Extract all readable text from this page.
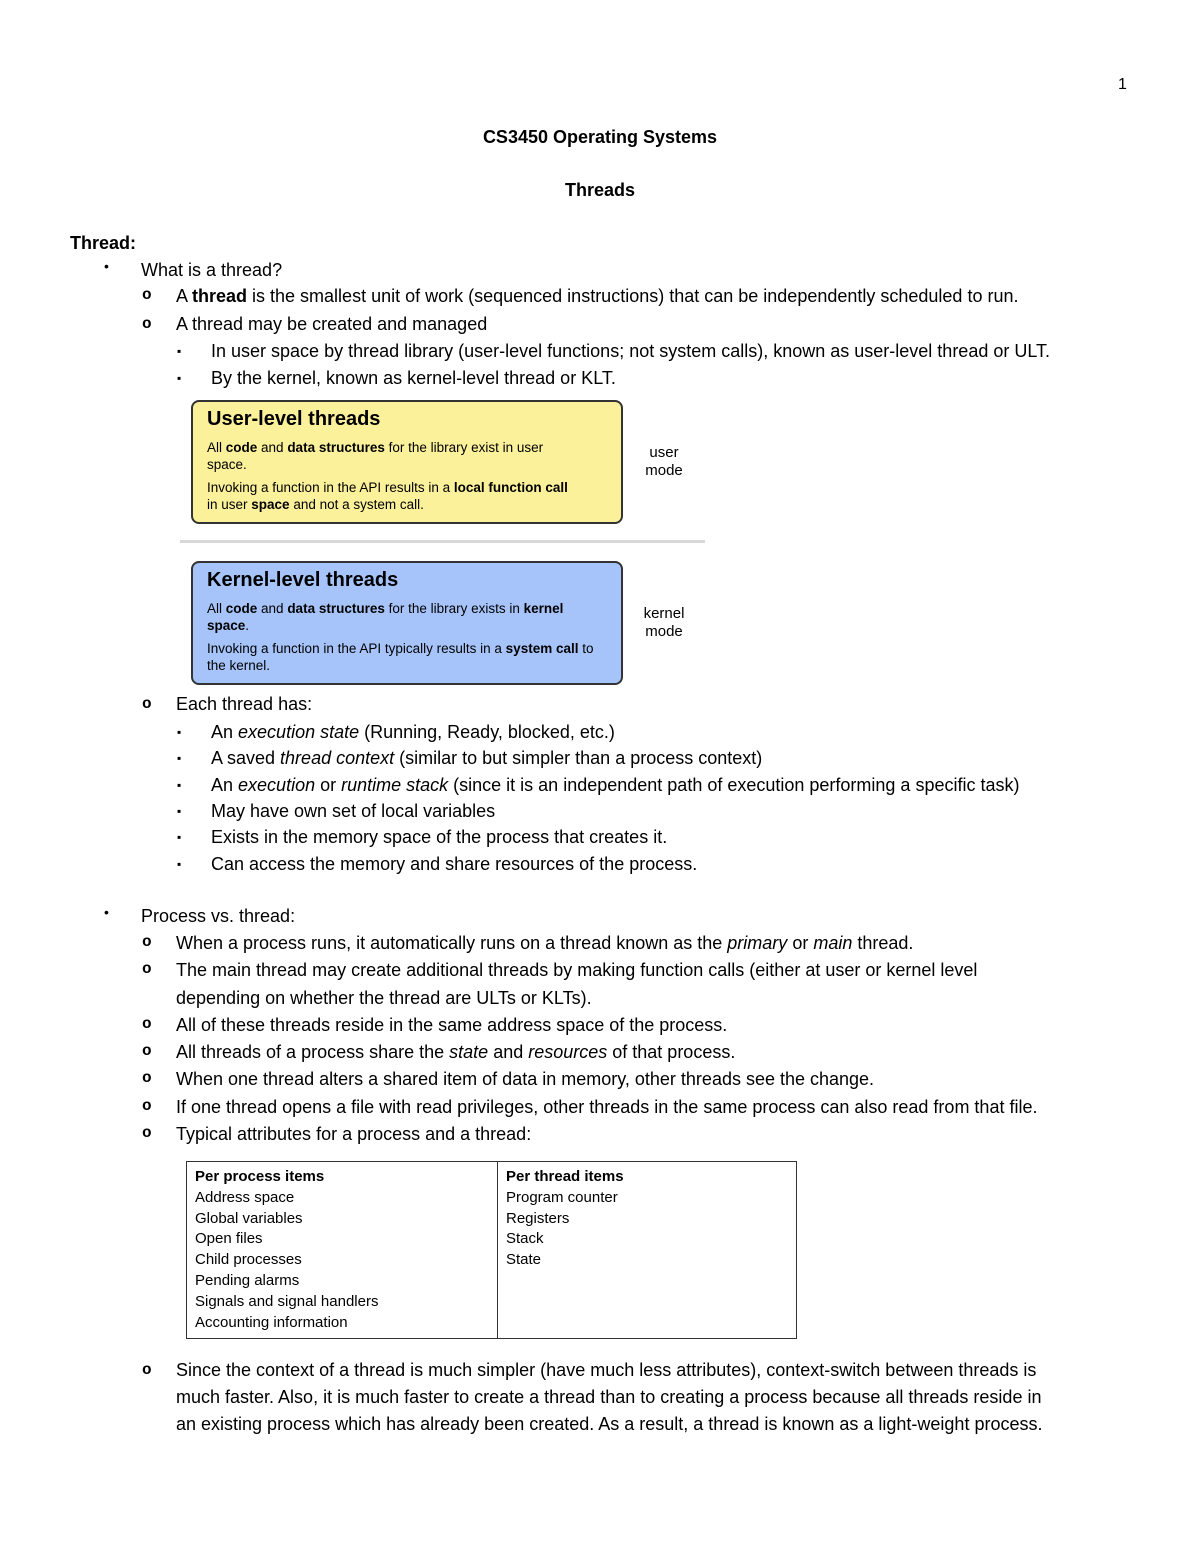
1
CS3450 Operating Systems
Threads
Thread:
• What is a thread?
o A thread is the smallest unit of work (sequenced instructions) that can be independently scheduled to run.
o A thread may be created and managed
▪ In user space by thread library (user-level functions; not system calls), known as user-level thread or ULT.
▪ By the kernel, known as kernel-level thread or KLT.
User-level threads
All code and data structures for the library exist in user
space.
Invoking a function in the API results in a local function call
in user space and not a system call.
user
mode
Kernel-level threads
All code and data structures for the library exists in kernel
space.
Invoking a function in the API typically results in a system call to
the kernel.
kernel
mode
o Each thread has:
▪ An execution state (Running, Ready, blocked, etc.)
▪ A saved thread context (similar to but simpler than a process context)
▪ An execution or runtime stack (since it is an independent path of execution performing a specific task)
▪ May have own set of local variables
▪ Exists in the memory space of the process that creates it.
▪ Can access the memory and share resources of the process.
• Process vs. thread:
o When a process runs, it automatically runs on a thread known as the primary or main thread.
o The main thread may create additional threads by making function calls (either at user or kernel level
depending on whether the thread are ULTs or KLTs).
o All of these threads reside in the same address space of the process.
o All threads of a process share the state and resources of that process.
o When one thread alters a shared item of data in memory, other threads see the change.
o If one thread opens a file with read privileges, other threads in the same process can also read from that file.
o Typical attributes for a process and a thread:
Per process items
Address space
Global variables
Open files
Child processes
Pending alarms
Signals and signal handlers
Accounting information

Per thread items
Program counter
Registers
Stack
State
o Since the context of a thread is much simpler (have much less attributes), context-switch between threads is
much faster. Also, it is much faster to create a thread than to creating a process because all threads reside in
an existing process which has already been created. As a result, a thread is known as a light-weight process.
